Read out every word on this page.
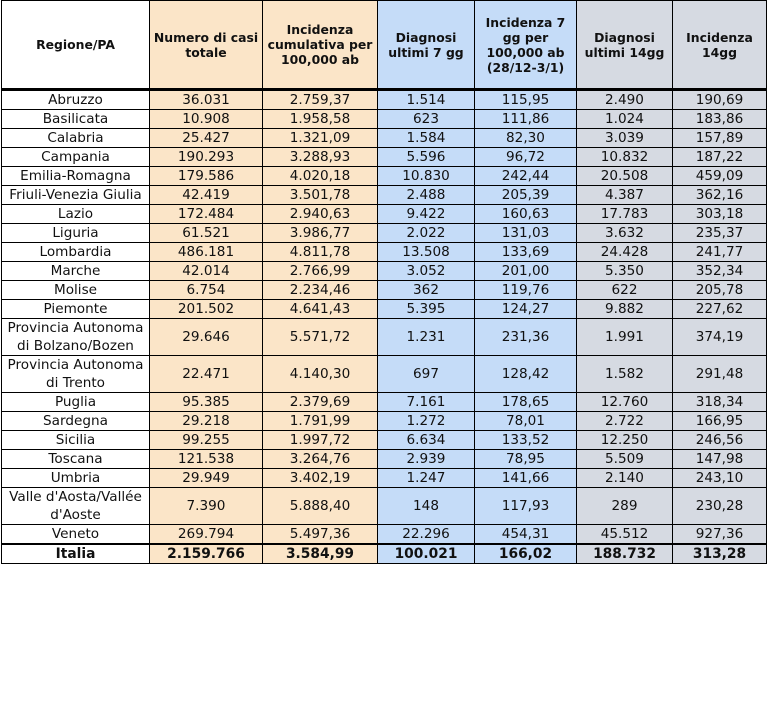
Regione/PA	Numero di casi totale	Incidenza cumulativa per 100,000 ab	Diagnosi ultimi 7 gg	Incidenza 7 gg per 100,000 ab (28/12-3/1)	Diagnosi ultimi 14gg	Incidenza 14gg
Abruzzo	36.031	2.759,37	1.514	115,95	2.490	190,69
Basilicata	10.908	1.958,58	623	111,86	1.024	183,86
Calabria	25.427	1.321,09	1.584	82,30	3.039	157,89
Campania	190.293	3.288,93	5.596	96,72	10.832	187,22
Emilia-Romagna	179.586	4.020,18	10.830	242,44	20.508	459,09
Friuli-Venezia Giulia	42.419	3.501,78	2.488	205,39	4.387	362,16
Lazio	172.484	2.940,63	9.422	160,63	17.783	303,18
Liguria	61.521	3.986,77	2.022	131,03	3.632	235,37
Lombardia	486.181	4.811,78	13.508	133,69	24.428	241,77
Marche	42.014	2.766,99	3.052	201,00	5.350	352,34
Molise	6.754	2.234,46	362	119,76	622	205,78
Piemonte	201.502	4.641,43	5.395	124,27	9.882	227,62
Provincia Autonoma di Bolzano/Bozen	29.646	5.571,72	1.231	231,36	1.991	374,19
Provincia Autonoma di Trento	22.471	4.140,30	697	128,42	1.582	291,48
Puglia	95.385	2.379,69	7.161	178,65	12.760	318,34
Sardegna	29.218	1.791,99	1.272	78,01	2.722	166,95
Sicilia	99.255	1.997,72	6.634	133,52	12.250	246,56
Toscana	121.538	3.264,76	2.939	78,95	5.509	147,98
Umbria	29.949	3.402,19	1.247	141,66	2.140	243,10
Valle d'Aosta/Vallée d'Aoste	7.390	5.888,40	148	117,93	289	230,28
Veneto	269.794	5.497,36	22.296	454,31	45.512	927,36
Italia	2.159.766	3.584,99	100.021	166,02	188.732	313,28
